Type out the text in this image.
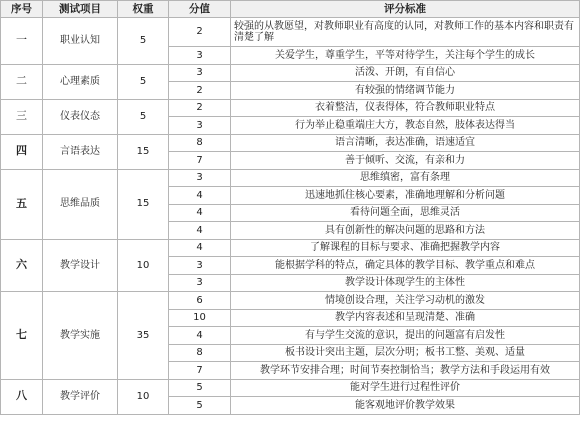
序号	测试项目	权重	分值	评分标准
一	职业认知	5	2	较强的从教愿望，对教师职业有高度的认同，对教师工作的基本内容和职责有清楚了解
			3	关爱学生，尊重学生，平等对待学生，关注每个学生的成长
二	心理素质	5	3	活泼、开朗，有自信心
			2	有较强的情绪调节能力
三	仪表仪态	5	2	衣着整洁，仪表得体，符合教师职业特点
			3	行为举止稳重端庄大方，教态自然，肢体表达得当
四	言语表达	15	8	语言清晰，表达准确，语速适宜
			7	善于倾听、交流，有亲和力
五	思维品质	15	3	思维缜密，富有条理
			4	迅速地抓住核心要素，准确地理解和分析问题
			4	看待问题全面，思维灵活
			4	具有创新性的解决问题的思路和方法
六	教学设计	10	4	了解课程的目标与要求、准确把握教学内容
			3	能根据学科的特点，确定具体的教学目标、教学重点和难点
			3	教学设计体现学生的主体性
七	教学实施	35	6	情境创设合理，关注学习动机的激发
			10	教学内容表述和呈现清楚、准确
			4	有与学生交流的意识，提出的问题富有启发性
			8	板书设计突出主题，层次分明；板书工整、美观、适量
			7	教学环节安排合理；时间节奏控制恰当；教学方法和手段运用有效
八	教学评价	10	5	能对学生进行过程性评价
			5	能客观地评价教学效果
